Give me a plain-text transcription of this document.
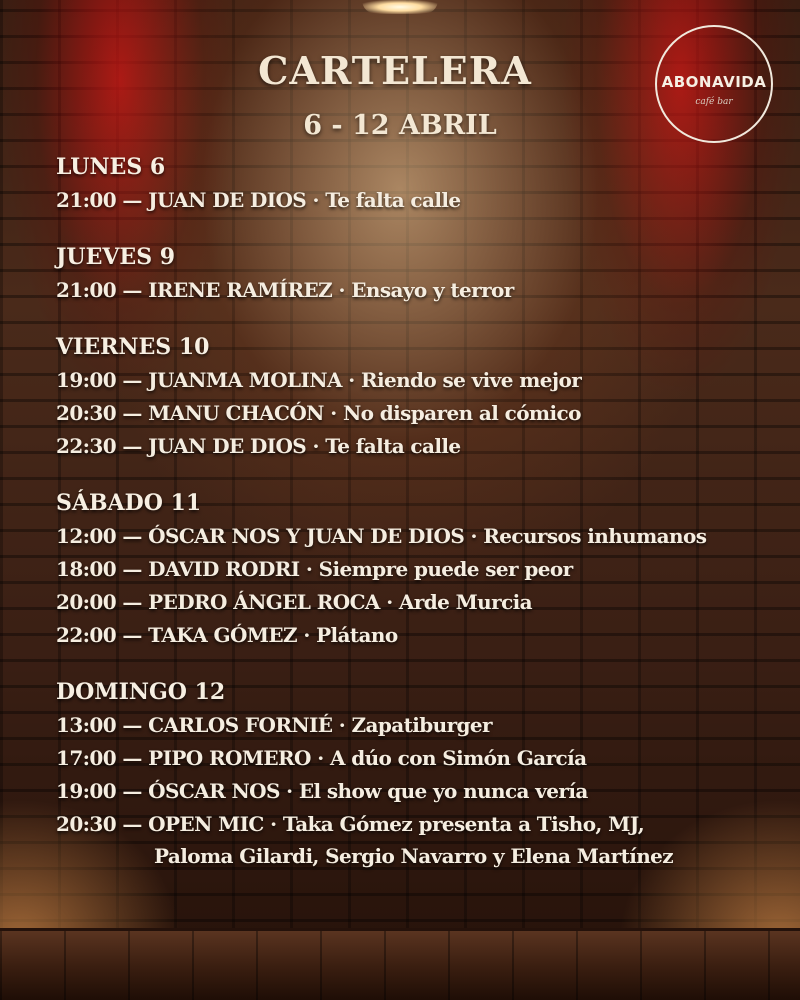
ABONAVIDA
café bar
CARTELERA
6 - 12 ABRIL
LUNES 6
21:00 — JUAN DE DIOS · Te falta calle
JUEVES 9
21:00 — IRENE RAMÍREZ · Ensayo y terror
VIERNES 10
19:00 — JUANMA MOLINA · Riendo se vive mejor
20:30 — MANU CHACÓN · No disparen al cómico
22:30 — JUAN DE DIOS · Te falta calle
SÁBADO 11
12:00 — ÓSCAR NOS Y JUAN DE DIOS · Recursos inhumanos
18:00 — DAVID RODRI · Siempre puede ser peor
20:00 — PEDRO ÁNGEL ROCA · Arde Murcia
22:00 — TAKA GÓMEZ · Plátano
DOMINGO 12
13:00 — CARLOS FORNIÉ · Zapatiburger
17:00 — PIPO ROMERO · A dúo con Simón García
19:00 — ÓSCAR NOS · El show que yo nunca vería
20:30 — OPEN MIC · Taka Gómez presenta a Tisho, MJ,
Paloma Gilardi, Sergio Navarro y Elena Martínez
